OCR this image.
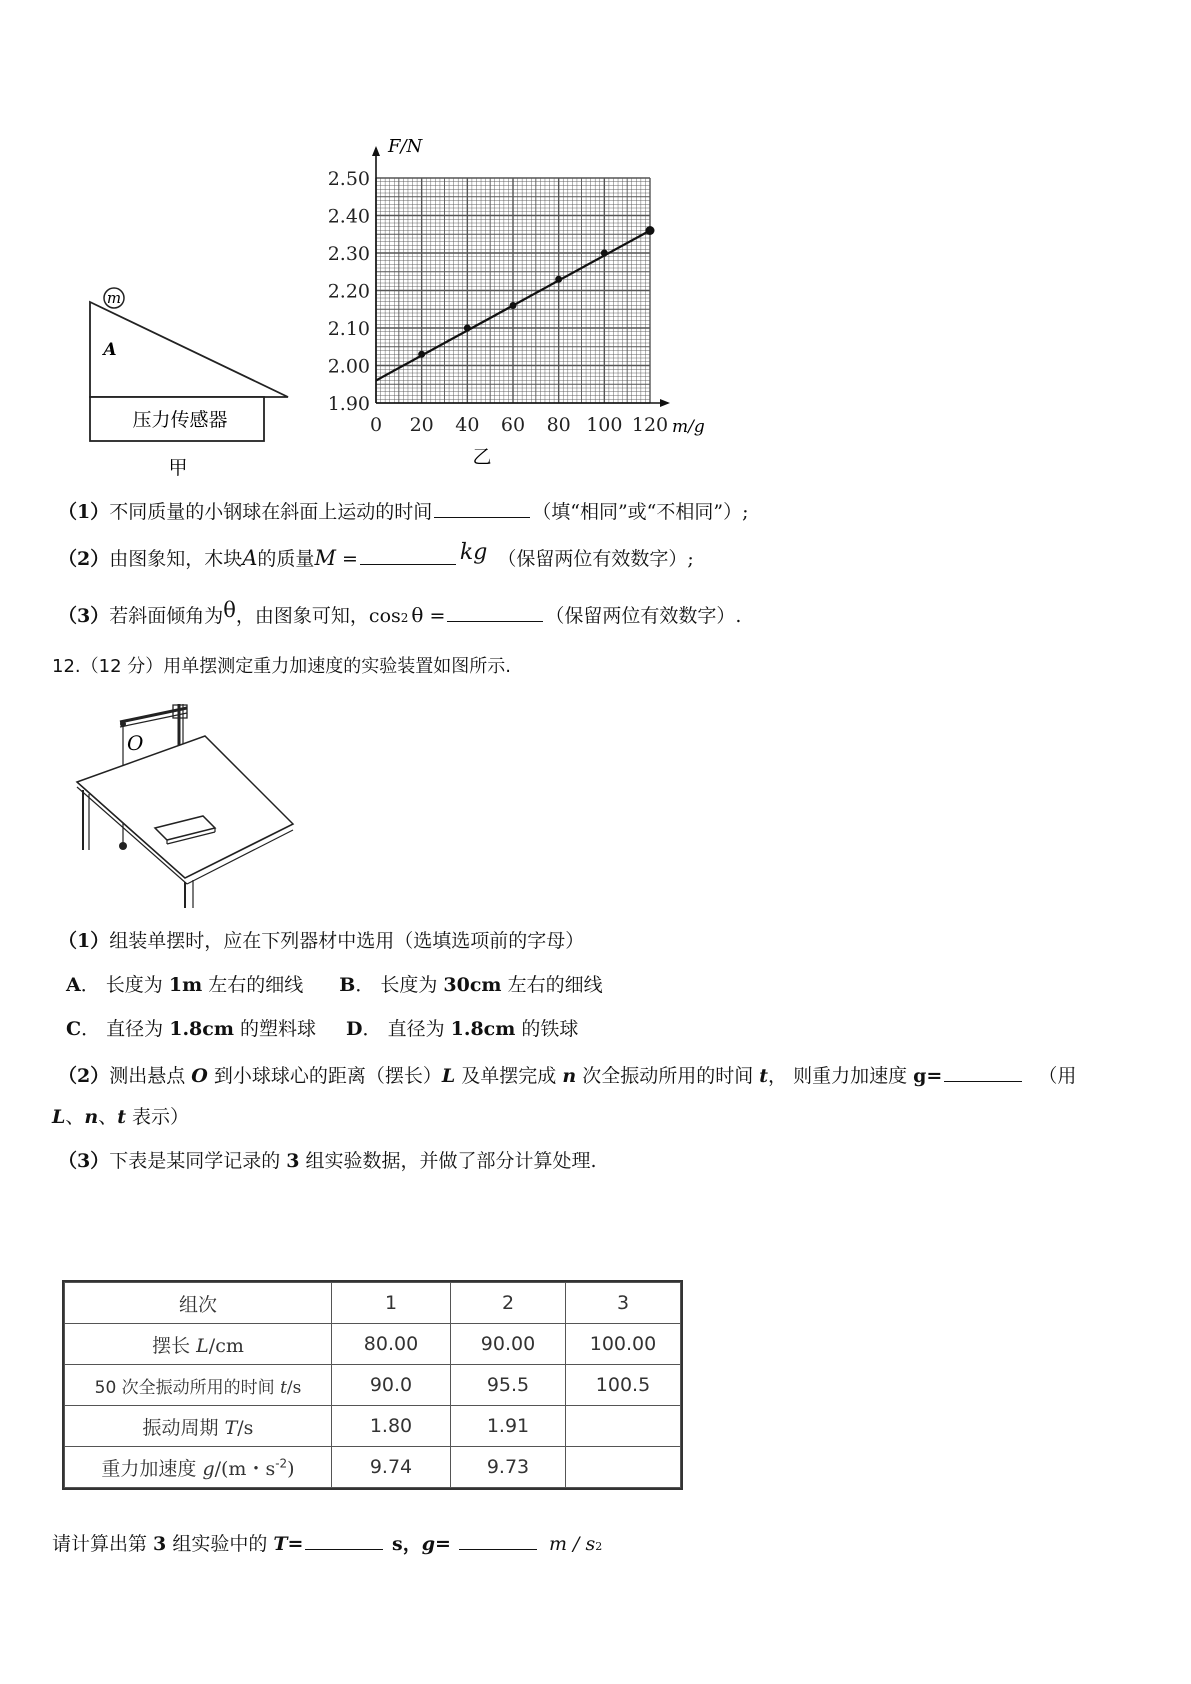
m
A
压力传感器
甲
1.90
2.00
2.10
2.20
2.30
2.40
2.50
0 20 40 60 80 100 120
F/N
m/g
乙
（1）不同质量的小钢球在斜面上运动的时间	（填“相同”或“不相同”）;
（2）由图象知，木块A的质量M =	kg （保留两位有效数字）;
（3）若斜面倾角为θ，由图象可知，cos2 θ =	（保留两位有效数字）.
12.（12 分）用单摆测定重力加速度的实验装置如图所示.
O
（1）组装单摆时，应在下列器材中选用（选填选项前的字母）
A． 长度为 1m 左右的细线 B． 长度为 30cm 左右的细线
C． 直径为 1.8cm 的塑料球 D． 直径为 1.8cm 的铁球
（2）测出悬点 O 到小球球心的距离（摆长）L 及单摆完成 n 次全振动所用的时间 t， 则重力加速度 g=	（用
L、n、t 表示）
（3）下表是某同学记录的 3 组实验数据，并做了部分计算处理.
组次	1	2	3
摆长 L/cm	80.00	90.00	100.00
50 次全振动所用的时间 t/s	90.0	95.5	100.5
振动周期 T/s	1.80	1.91	
重力加速度 g/(m・$s^{-2}$)	9.74	9.73	
请计算出第 3 组实验中的 T=	s，g=	m / s2
